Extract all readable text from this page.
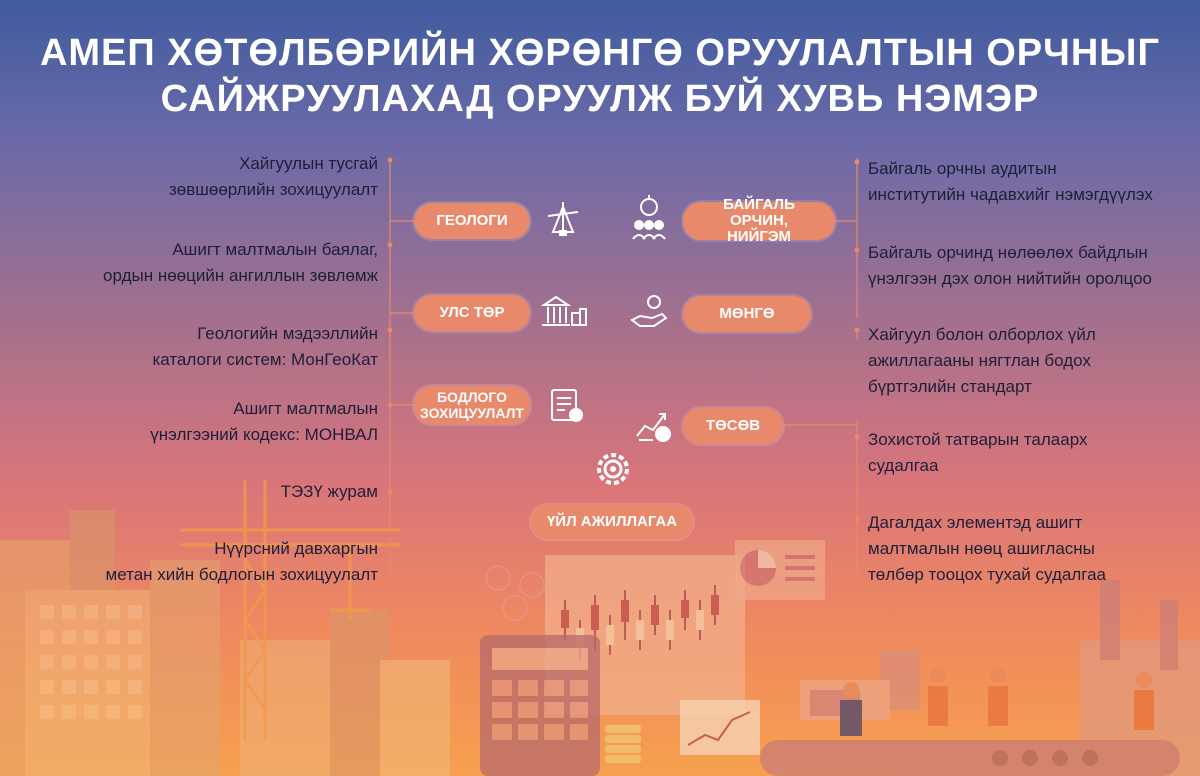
АМЕП ХӨТӨЛБӨРИЙН ХӨРӨНГӨ ОРУУЛАЛТЫН ОРЧНЫГ
САЙЖРУУЛАХАД ОРУУЛЖ БУЙ ХУВЬ НЭМЭР
Хайгуулын тусгай
зөвшөөрлийн зохицуулалт
Ашигт малтмалын баялаг,
ордын нөөцийн ангиллын зөвлөмж
Геологийн мэдээллийн
каталоги систем: МонГеоКат
Ашигт малтмалын
үнэлгээний кодекс: МОНВАЛ
ТЭЗҮ журам
Нүүрсний давхаргын
метан хийн бодлогын зохицуулалт
Байгаль орчны аудитын
институтийн чадавхийг нэмэгдүүлэх
Байгаль орчинд нөлөөлөх байдлын
үнэлгээн дэх олон нийтийн оролцоо
Хайгуул болон олборлох үйл
ажиллагааны нягтлан бодох
бүртгэлийн стандарт
Зохистой татварын талаарх
судалгаа
Дагалдах элементэд ашигт
малтмалын нөөц ашигласны
төлбөр тооцох тухай судалгаа
ГЕОЛОГИ
УЛС ТӨР
БОДЛОГО ЗОХИЦУУЛАЛТ
БАЙГАЛЬ ОРЧИН, НИЙГЭМ
МӨНГӨ
ТӨСӨВ
ҮЙЛ АЖИЛЛАГАА
